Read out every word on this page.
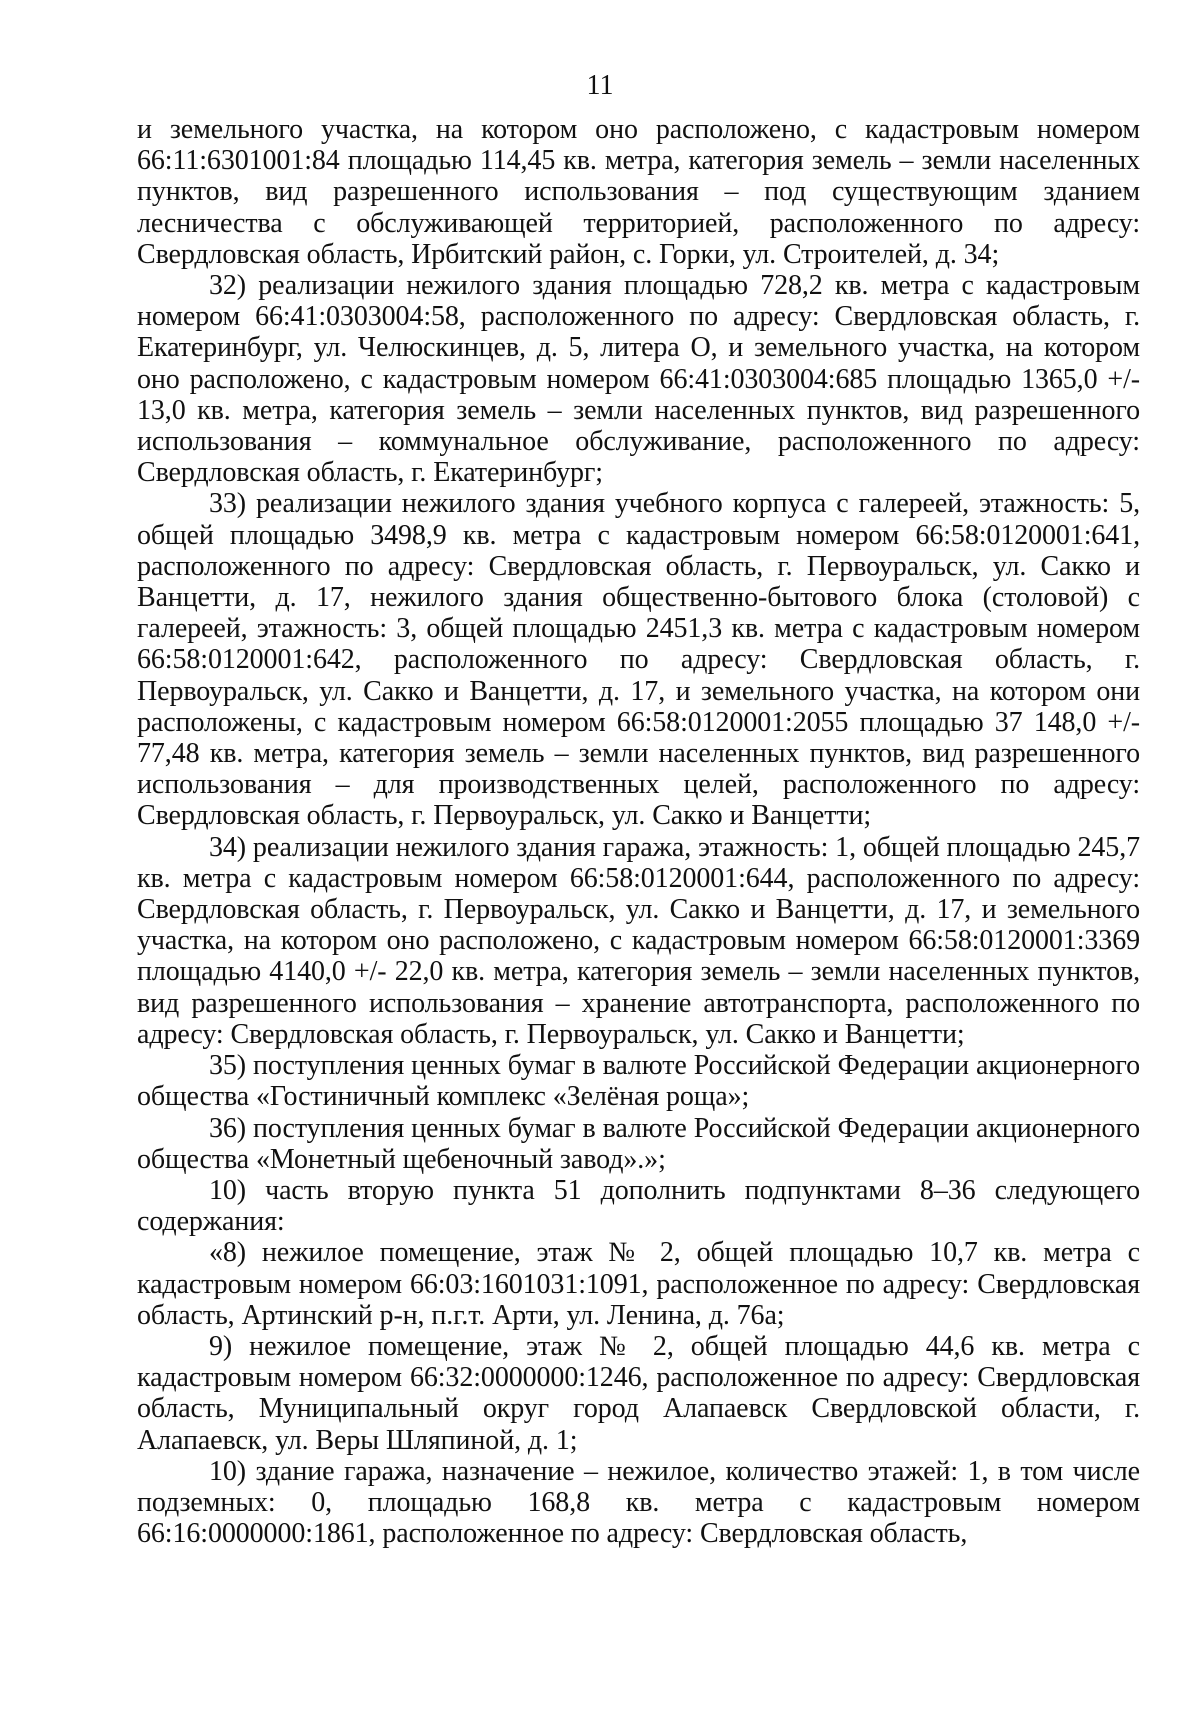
11

и земельного участка, на котором оно расположено, с кадастровым номером 66:11:6301001:84 площадью 114,45 кв. метра, категория земель – земли населенных пунктов, вид разрешенного использования – под существующим зданием лесничества с обслуживающей территорией, расположенного по адресу: Свердловская область, Ирбитский район, с. Горки, ул. Строителей, д. 34;

32) реализации нежилого здания площадью 728,2 кв. метра с кадастровым номером 66:41:0303004:58, расположенного по адресу: Свердловская область, г. Екатеринбург, ул. Челюскинцев, д. 5, литера О, и земельного участка, на котором оно расположено, с кадастровым номером 66:41:0303004:685 площадью 1365,0 +/- 13,0 кв. метра, категория земель – земли населенных пунктов, вид разрешенного использования – коммунальное обслуживание, расположенного по адресу: Свердловская область, г. Екатеринбург;

33) реализации нежилого здания учебного корпуса с галереей, этажность: 5, общей площадью 3498,9 кв. метра с кадастровым номером 66:58:0120001:641, расположенного по адресу: Свердловская область, г. Первоуральск, ул. Сакко и Ванцетти, д. 17, нежилого здания общественно-бытового блока (столовой) с галереей, этажность: 3, общей площадью 2451,3 кв. метра с кадастровым номером 66:58:0120001:642, расположенного по адресу: Свердловская область, г. Первоуральск, ул. Сакко и Ванцетти, д. 17, и земельного участка, на котором они расположены, с кадастровым номером 66:58:0120001:2055 площадью 37 148,0 +/- 77,48 кв. метра, категория земель – земли населенных пунктов, вид разрешенного использования – для производственных целей, расположенного по адресу: Свердловская область, г. Первоуральск, ул. Сакко и Ванцетти;

34) реализации нежилого здания гаража, этажность: 1, общей площадью 245,7 кв. метра с кадастровым номером 66:58:0120001:644, расположенного по адресу: Свердловская область, г. Первоуральск, ул. Сакко и Ванцетти, д. 17, и земельного участка, на котором оно расположено, с кадастровым номером 66:58:0120001:3369 площадью 4140,0 +/- 22,0 кв. метра, категория земель – земли населенных пунктов, вид разрешенного использования – хранение автотранспорта, расположенного по адресу: Свердловская область, г. Первоуральск, ул. Сакко и Ванцетти;

35) поступления ценных бумаг в валюте Российской Федерации акционерного общества «Гостиничный комплекс «Зелёная роща»;

36) поступления ценных бумаг в валюте Российской Федерации акционерного общества «Монетный щебеночный завод».»;

10) часть вторую пункта 51 дополнить подпунктами 8–36 следующего содержания:

«8) нежилое помещение, этаж № 2, общей площадью 10,7 кв. метра с кадастровым номером 66:03:1601031:1091, расположенное по адресу: Свердловская область, Артинский р-н, п.г.т. Арти, ул. Ленина, д. 76а;

9) нежилое помещение, этаж № 2, общей площадью 44,6 кв. метра с кадастровым номером 66:32:0000000:1246, расположенное по адресу: Свердловская область, Муниципальный округ город Алапаевск Свердловской области, г. Алапаевск, ул. Веры Шляпиной, д. 1;

10) здание гаража, назначение – нежилое, количество этажей: 1, в том числе подземных: 0, площадью 168,8 кв. метра с кадастровым номером 66:16:0000000:1861, расположенное по адресу: Свердловская область,
